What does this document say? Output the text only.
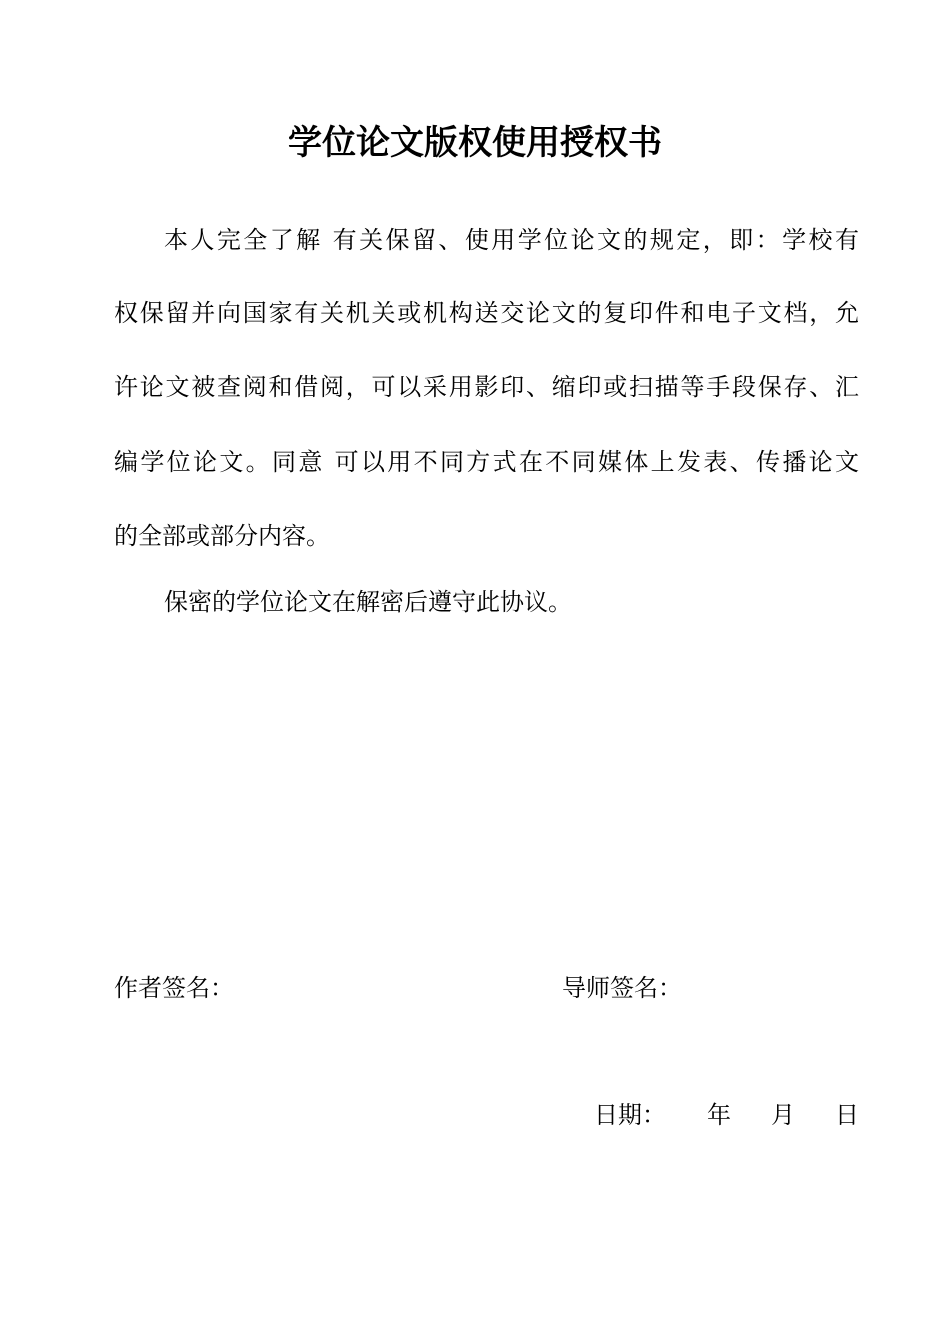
学位论文版权使用授权书
本人完全了解 有关保留、使用学位论文的规定，即：学校有
权保留并向国家有关机关或机构送交论文的复印件和电子文档，允
许论文被查阅和借阅，可以采用影印、缩印或扫描等手段保存、汇
编学位论文。同意 可以用不同方式在不同媒体上发表、传播论文
的全部或部分内容。
保密的学位论文在解密后遵守此协议。
作者签名：	导师签名：
日期： 年 月 日
